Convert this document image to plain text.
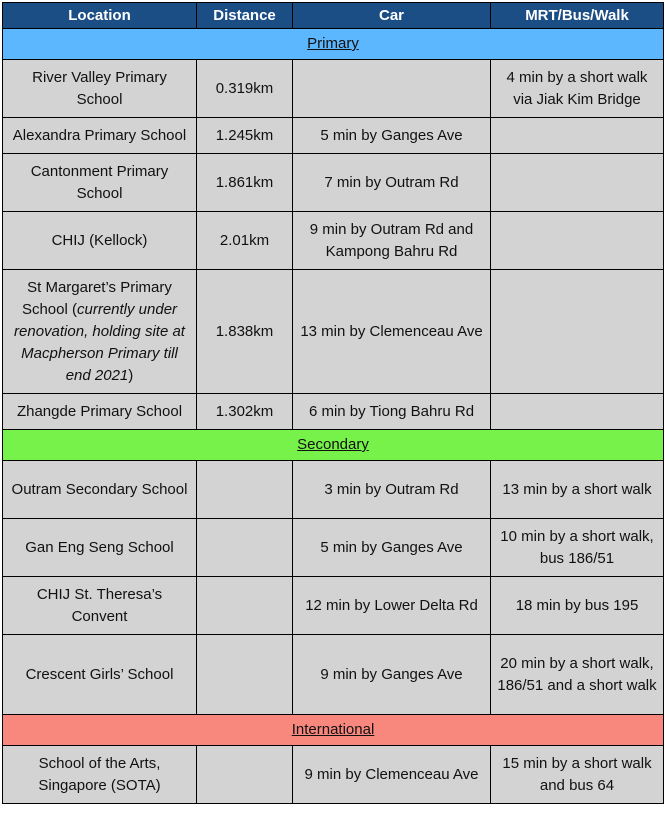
Location	Distance	Car	MRT/Bus/Walk
Primary			
River Valley Primary School	0.319km		4 min by a short walk via Jiak Kim Bridge
Alexandra Primary School	1.245km	5 min by Ganges Ave	
Cantonment Primary School	1.861km	7 min by Outram Rd	
CHIJ (Kellock)	2.01km	9 min by Outram Rd and Kampong Bahru Rd	
St Margaret’s Primary School (currently under renovation, holding site at Macpherson Primary till end 2021)	1.838km	13 min by Clemenceau Ave	
Zhangde Primary School	1.302km	6 min by Tiong Bahru Rd	
Secondary			
Outram Secondary School		3 min by Outram Rd	13 min by a short walk
Gan Eng Seng School		5 min by Ganges Ave	10 min by a short walk, bus 186/51
CHIJ St. Theresa’s Convent		12 min by Lower Delta Rd	18 min by bus 195
Crescent Girls’ School		9 min by Ganges Ave	20 min by a short walk, 186/51 and a short walk
International			
School of the Arts, Singapore (SOTA)		9 min by Clemenceau Ave	15 min by a short walk and bus 64
